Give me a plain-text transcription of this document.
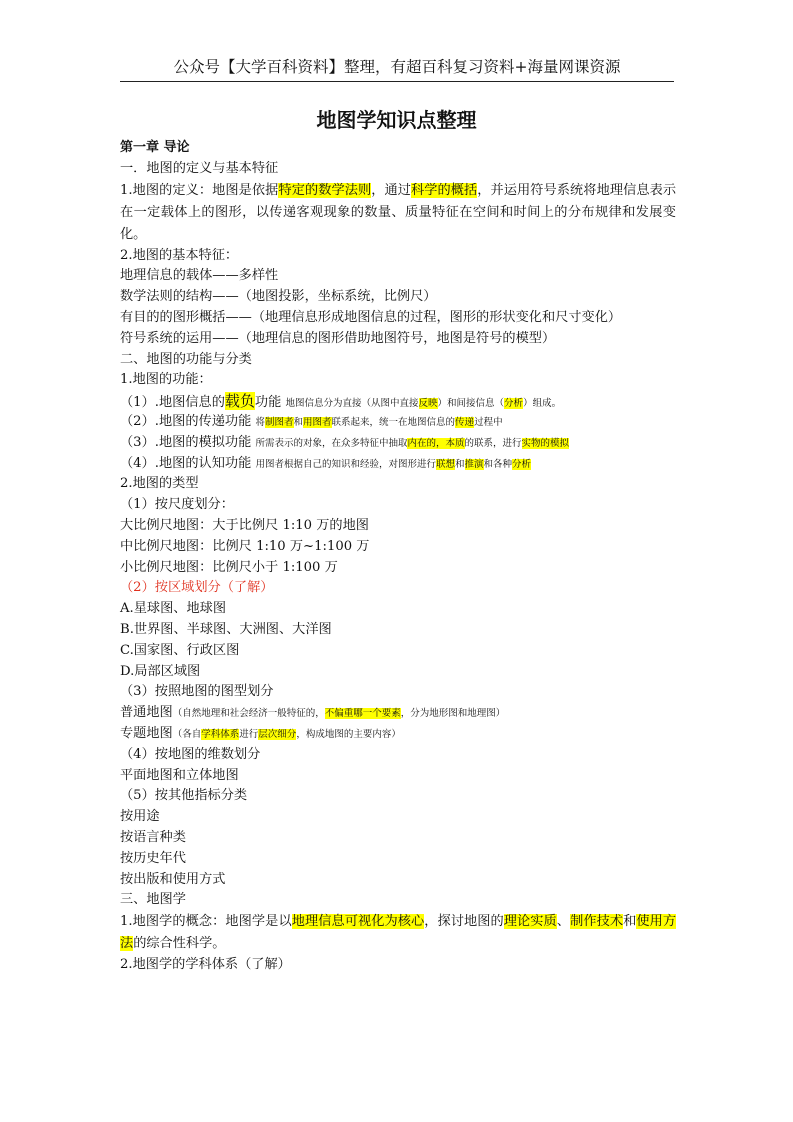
公众号【大学百科资料】整理，有超百科复习资料+海量网课资源
地图学知识点整理
第一章 导论
一．地图的定义与基本特征
1.地图的定义：地图是依据特定的数学法则，通过科学的概括，并运用符号系统将地理信息表示在一定载体上的图形，以传递客观现象的数量、质量特征在空间和时间上的分布规律和发展变化。
2.地图的基本特征：
地理信息的载体——多样性
数学法则的结构——（地图投影，坐标系统，比例尺）
有目的的图形概括——（地理信息形成地图信息的过程，图形的形状变化和尺寸变化）
符号系统的运用——（地理信息的图形借助地图符号，地图是符号的模型）
二、地图的功能与分类
1.地图的功能：
（1）.地图信息的载负功能 地图信息分为直接（从图中直接反映）和间接信息（分析）组成。
（2）.地图的传递功能 将制图者和用图者联系起来，统一在地图信息的传递过程中
（3）.地图的模拟功能 所需表示的对象，在众多特征中抽取内在的，本质的联系，进行实物的模拟
（4）.地图的认知功能 用图者根据自己的知识和经验，对图形进行联想和推演和各种分析
2.地图的类型
（1）按尺度划分：
大比例尺地图：大于比例尺 1:10 万的地图
中比例尺地图：比例尺 1:10 万~1:100 万
小比例尺地图：比例尺小于 1:100 万
（2）按区域划分（了解）
A.星球图、地球图
B.世界图、半球图、大洲图、大洋图
C.国家图、行政区图
D.局部区域图
（3）按照地图的图型划分
普通地图（自然地理和社会经济一般特征的，不偏重哪一个要素，分为地形图和地理图）
专题地图（各自学科体系进行层次细分，构成地图的主要内容）
（4）按地图的维数划分
平面地图和立体地图
（5）按其他指标分类
按用途
按语言种类
按历史年代
按出版和使用方式
三、地图学
1.地图学的概念：地图学是以地理信息可视化为核心，探讨地图的理论实质、制作技术和使用方法的综合性科学。
2.地图学的学科体系（了解）
